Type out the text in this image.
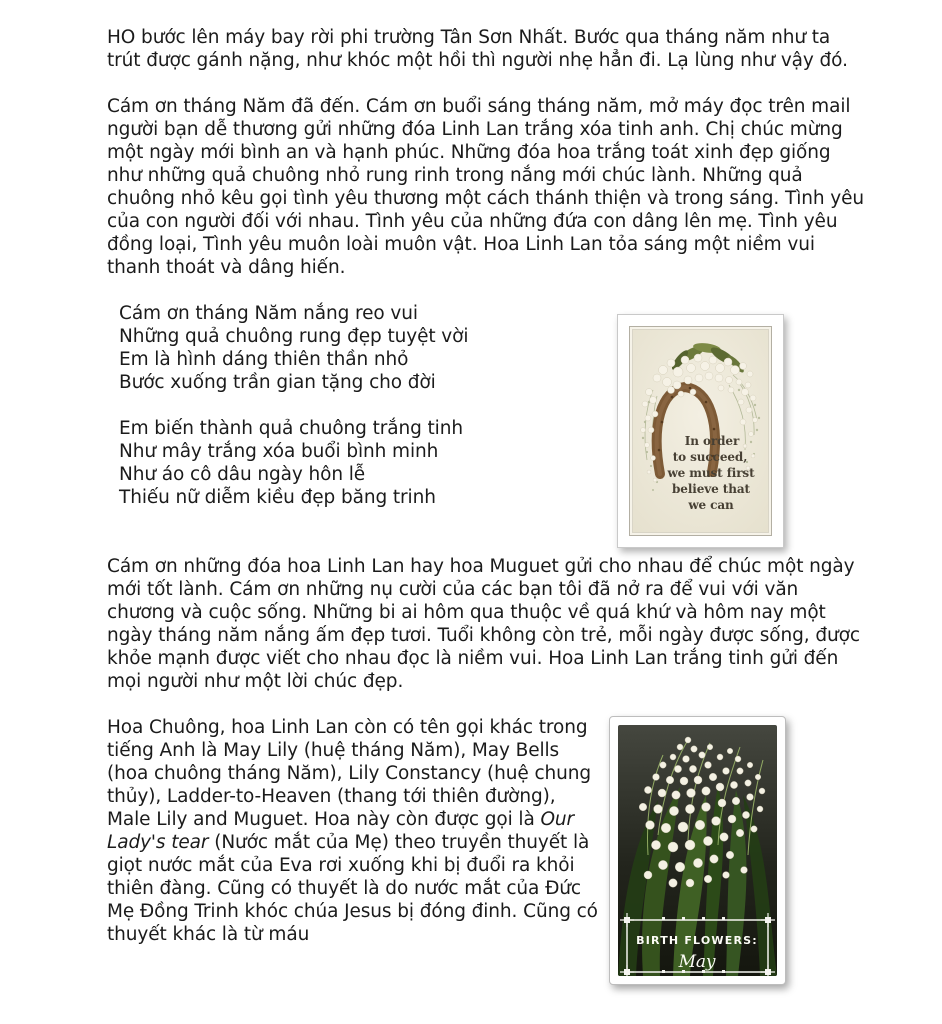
HO bước lên máy bay rời phi trường Tân Sơn Nhất. Bước qua tháng năm như ta trút được gánh nặng, như khóc một hồi thì người nhẹ hẳn đi. Lạ lùng như vậy đó.

Cám ơn tháng Năm đã đến. Cám ơn buổi sáng tháng năm, mở máy đọc trên mail người bạn dễ thương gửi những đóa Linh Lan trắng xóa tinh anh. Chị chúc mừng một ngày mới bình an và hạnh phúc. Những đóa hoa trắng toát xinh đẹp giống như những quả chuông nhỏ rung rinh trong nắng mới chúc lành. Những quả chuông nhỏ kêu gọi tình yêu thương một cách thánh thiện và trong sáng. Tình yêu của con người đối với nhau. Tình yêu của những đứa con dâng lên mẹ. Tình yêu đồng loại, Tình yêu muôn loài muôn vật. Hoa Linh Lan tỏa sáng một niềm vui thanh thoát và dâng hiến.

Cám ơn tháng Năm nắng reo vui
Những quả chuông rung đẹp tuyệt vời
Em là hình dáng thiên thần nhỏ
Bước xuống trần gian tặng cho đời
Em biến thành quả chuông trắng tinh
Như mây trắng xóa buổi bình minh
Như áo cô dâu ngày hôn lễ
Thiếu nữ diễm kiều đẹp băng trinh
In order
to succeed,
we must first
believe that
we can

Cám ơn những đóa hoa Linh Lan hay hoa Muguet gửi cho nhau để chúc một ngày mới tốt lành. Cám ơn những nụ cười của các bạn tôi đã nở ra để vui với văn chương và cuộc sống. Những bi ai hôm qua thuộc về quá khứ và hôm nay một ngày tháng năm nắng ấm đẹp tươi. Tuổi không còn trẻ, mỗi ngày được sống, được khỏe mạnh được viết cho nhau đọc là niềm vui. Hoa Linh Lan trắng tinh gửi đến mọi người như một lời chúc đẹp.

Hoa Chuông, hoa Linh Lan còn có tên gọi khác trong tiếng Anh là May Lily (huệ tháng Năm), May Bells (hoa chuông tháng Năm), Lily Constancy (huệ chung thủy), Ladder-to-Heaven (thang tới thiên đường), Male Lily and Muguet. Hoa này còn được gọi là Our Lady's tear (Nước mắt của Mẹ) theo truyền thuyết là giọt nước mắt của Eva rơi xuống khi bị đuổi ra khỏi thiên đàng. Cũng có thuyết là do nước mắt của Đức Mẹ Đồng Trinh khóc chúa Jesus bị đóng đinh. Cũng có thuyết khác là từ máu	BIRTH FLOWERS:
May
